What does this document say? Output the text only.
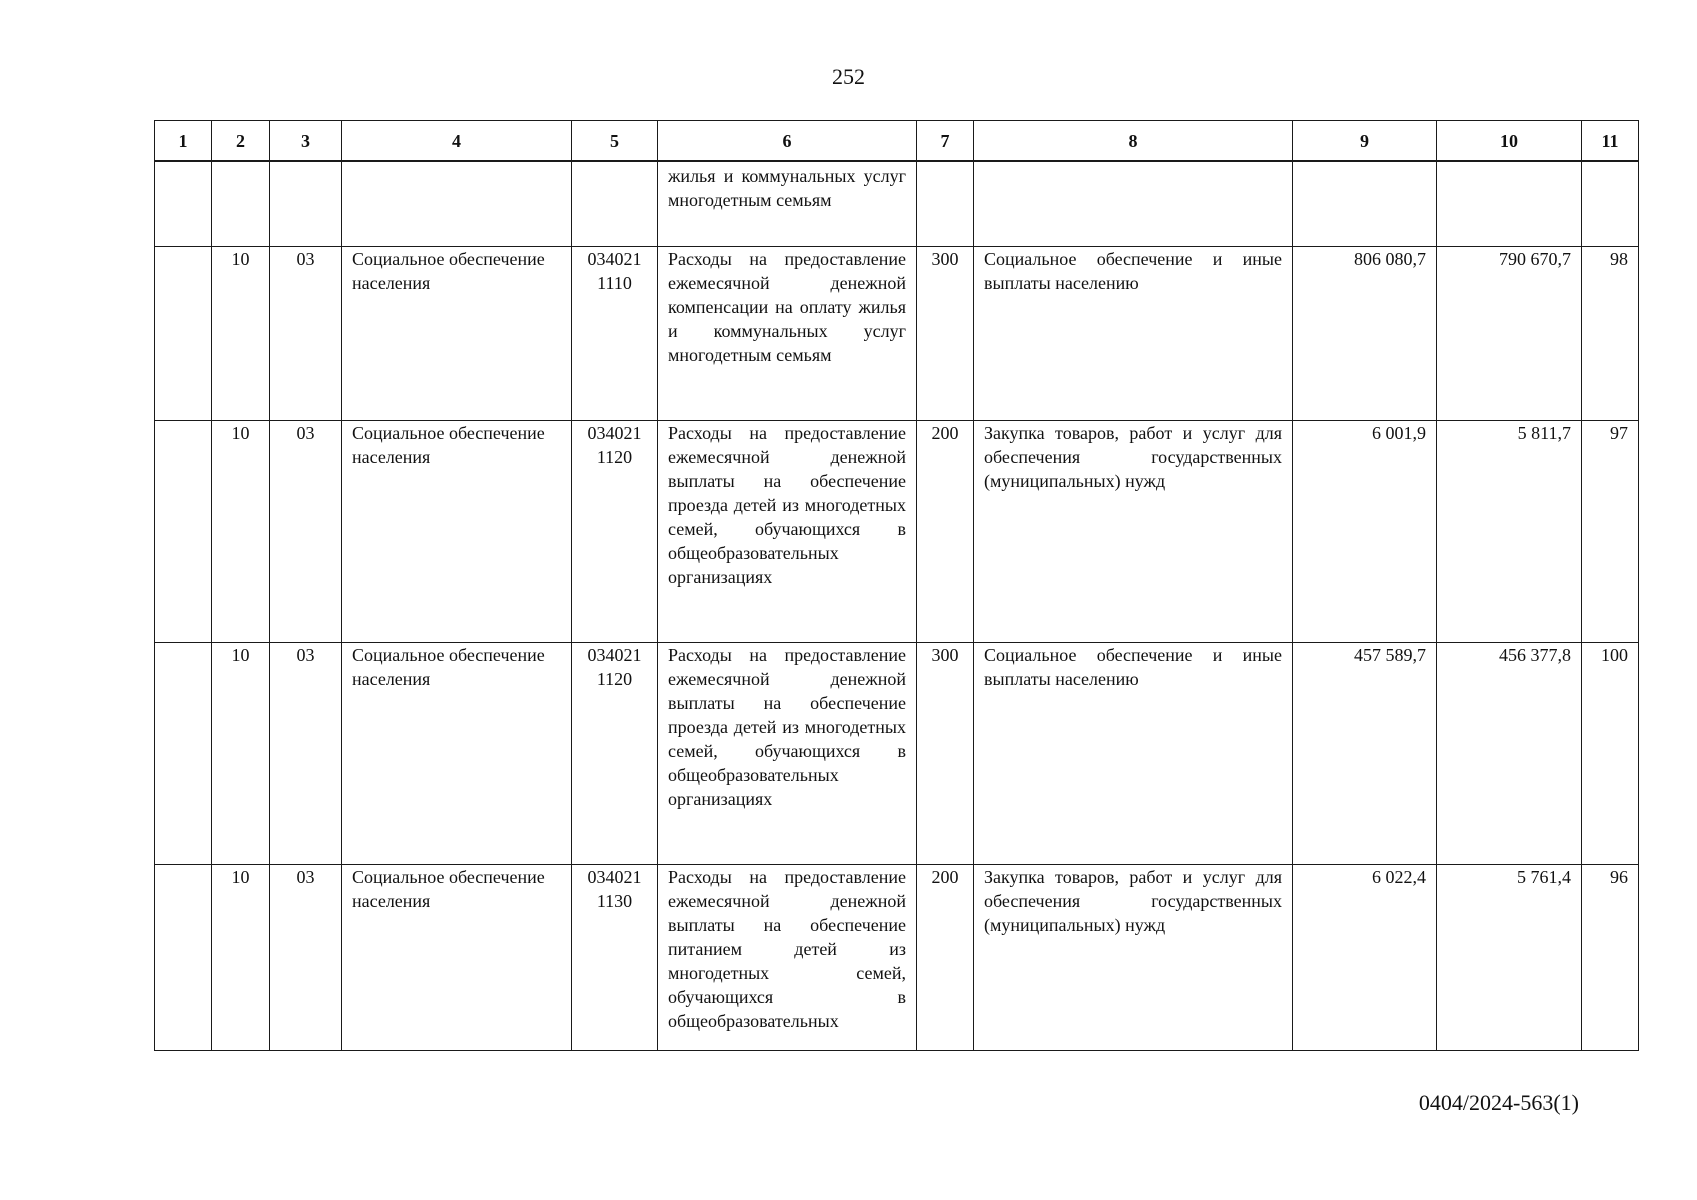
252
1	2	3	4	5	6	7	8	9	10	11
					жилья и коммунальных услуг многодетным семьям					
	10	03	Социальное обеспечение населения	034021 1110	Расходы на предоставление ежемесячной денежной компенсации на оплату жилья и коммунальных услуг многодетным семьям	300	Социальное обеспечение и иные выплаты населению	806 080,7	790 670,7	98
	10	03	Социальное обеспечение населения	034021 1120	Расходы на предоставление ежемесячной денежной выплаты на обеспечение проезда детей из многодетных семей, обучающихся в общеобразовательных организациях	200	Закупка товаров, работ и услуг для обеспечения государственных (муниципальных) нужд	6 001,9	5 811,7	97
	10	03	Социальное обеспечение населения	034021 1120	Расходы на предоставление ежемесячной денежной выплаты на обеспечение проезда детей из многодетных семей, обучающихся в общеобразовательных организациях	300	Социальное обеспечение и иные выплаты населению	457 589,7	456 377,8	100
	10	03	Социальное обеспечение населения	034021 1130	Расходы на предоставление ежемесячной денежной выплаты на обеспечение питанием детей из многодетных семей, обучающихся в общеобразовательных	200	Закупка товаров, работ и услуг для обеспечения государственных (муниципальных) нужд	6 022,4	5 761,4	96
0404/2024-563(1)
